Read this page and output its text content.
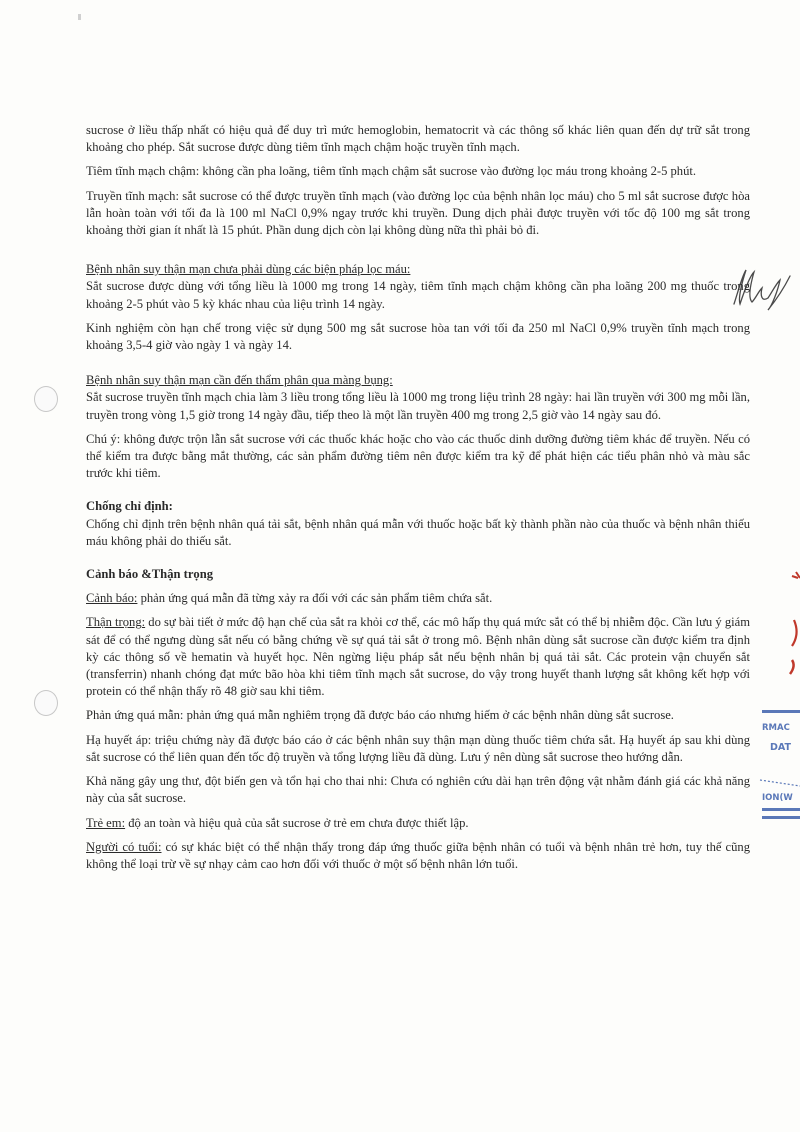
RMAC
DAT
ION(W

sucrose ở liều thấp nhất có hiệu quả để duy trì mức hemoglobin, hematocrit và các thông số khác liên quan đến dự trữ sắt trong khoảng cho phép. Sắt sucrose được dùng tiêm tĩnh mạch chậm hoặc truyền tĩnh mạch.

Tiêm tĩnh mạch chậm: không cần pha loãng, tiêm tĩnh mạch chậm sắt sucrose vào đường lọc máu trong khoảng 2-5 phút.

Truyền tĩnh mạch: sắt sucrose có thể được truyền tĩnh mạch (vào đường lọc của bệnh nhân lọc máu) cho 5 ml sắt sucrose được hòa lẫn hoàn toàn với tối đa là 100 ml NaCl 0,9% ngay trước khi truyền. Dung dịch phải được truyền với tốc độ 100 mg sắt trong khoảng thời gian ít nhất là 15 phút. Phần dung dịch còn lại không dùng nữa thì phải bỏ đi.

Bệnh nhân suy thận mạn chưa phải dùng các biện pháp lọc máu:

Sắt sucrose được dùng với tổng liều là 1000 mg trong 14 ngày, tiêm tĩnh mạch chậm không cần pha loãng 200 mg thuốc trong khoảng 2-5 phút vào 5 kỳ khác nhau của liệu trình 14 ngày.

Kinh nghiệm còn hạn chế trong việc sử dụng 500 mg sắt sucrose hòa tan với tối đa 250 ml NaCl 0,9% truyền tĩnh mạch trong khoảng 3,5-4 giờ vào ngày 1 và ngày 14.

Bệnh nhân suy thận mạn cần đến thẩm phân qua màng bụng:

Sắt sucrose truyền tĩnh mạch chia làm 3 liều trong tổng liều là 1000 mg trong liệu trình 28 ngày: hai lần truyền với 300 mg mỗi lần, truyền trong vòng 1,5 giờ trong 14 ngày đầu, tiếp theo là một lần truyền 400 mg trong 2,5 giờ vào 14 ngày sau đó.

Chú ý: không được trộn lẫn sắt sucrose với các thuốc khác hoặc cho vào các thuốc dinh dưỡng đường tiêm khác để truyền. Nếu có thể kiểm tra được bằng mắt thường, các sản phẩm đường tiêm nên được kiểm tra kỹ để phát hiện các tiểu phân nhỏ và màu sắc trước khi tiêm.

Chống chỉ định:

Chống chỉ định trên bệnh nhân quá tải sắt, bệnh nhân quá mẫn với thuốc hoặc bất kỳ thành phần nào của thuốc và bệnh nhân thiếu máu không phải do thiếu sắt.

Cảnh báo &Thận trọng

Cảnh báo: phản ứng quá mẫn đã từng xảy ra đối với các sản phẩm tiêm chứa sắt.

Thận trọng: do sự bài tiết ở mức độ hạn chế của sắt ra khỏi cơ thể, các mô hấp thụ quá mức sắt có thể bị nhiễm độc. Cần lưu ý giám sát để có thể ngưng dùng sắt nếu có bằng chứng về sự quá tải sắt ở trong mô. Bệnh nhân dùng sắt sucrose cần được kiểm tra định kỳ các thông số về hematin và huyết học. Nên ngừng liệu pháp sắt nếu bệnh nhân bị quá tải sắt. Các protein vận chuyển sắt (transferrin) nhanh chóng đạt mức bão hòa khi tiêm tĩnh mạch sắt sucrose, do vậy trong huyết thanh lượng sắt không kết hợp với protein có thể nhận thấy rõ 48 giờ sau khi tiêm.

Phản ứng quá mẫn: phản ứng quá mẫn nghiêm trọng đã được báo cáo nhưng hiếm ở các bệnh nhân dùng sắt sucrose.

Hạ huyết áp: triệu chứng này đã được báo cáo ở các bệnh nhân suy thận mạn dùng thuốc tiêm chứa sắt. Hạ huyết áp sau khi dùng sắt sucrose có thể liên quan đến tốc độ truyền và tổng lượng liều đã dùng. Lưu ý nên dùng sắt sucrose theo hướng dẫn.

Khả năng gây ung thư, đột biến gen và tổn hại cho thai nhi: Chưa có nghiên cứu dài hạn trên động vật nhằm đánh giá các khả năng này của sắt sucrose.

Trẻ em: độ an toàn và hiệu quả của sắt sucrose ở trẻ em chưa được thiết lập.

Người có tuổi: có sự khác biệt có thể nhận thấy trong đáp ứng thuốc giữa bệnh nhân có tuổi và bệnh nhân trẻ hơn, tuy thế cũng không thể loại trừ về sự nhạy cảm cao hơn đối với thuốc ở một số bệnh nhân lớn tuổi.
